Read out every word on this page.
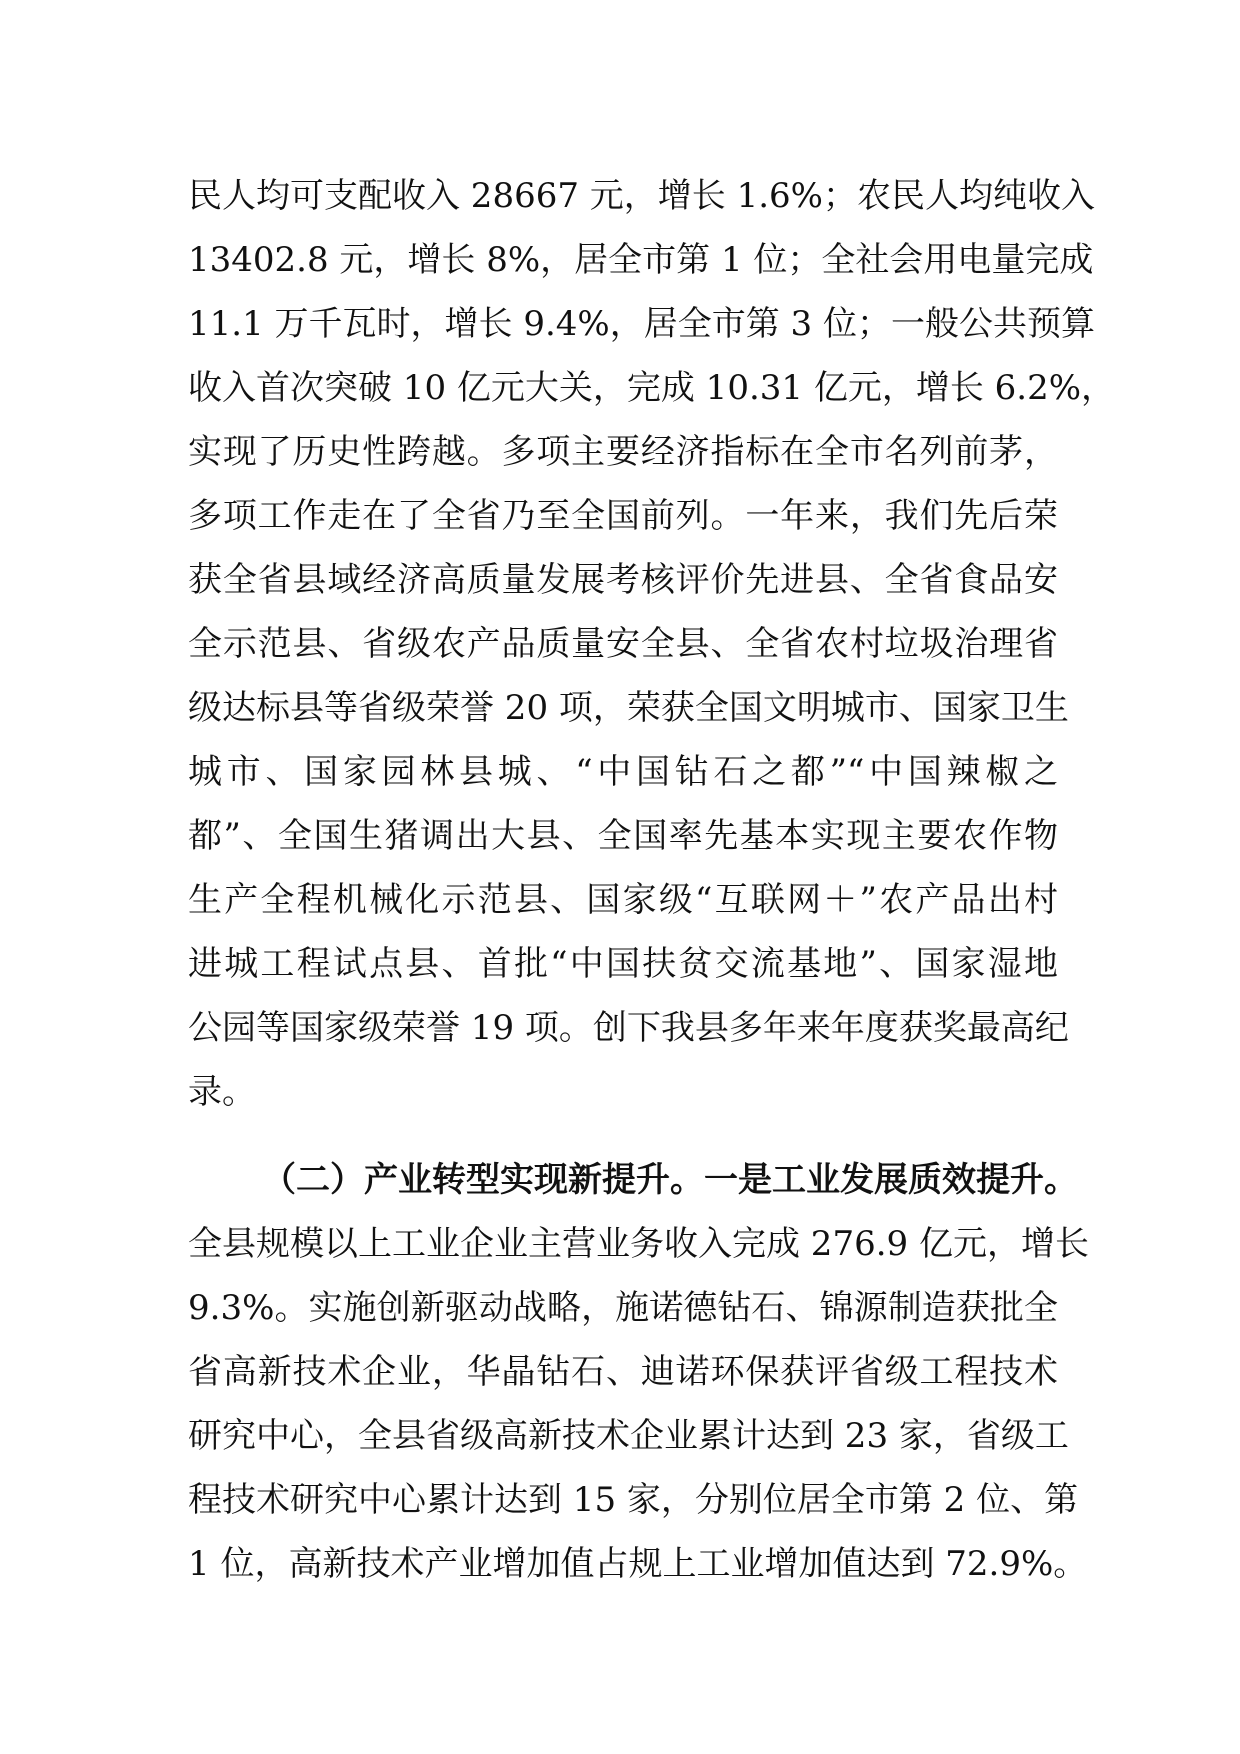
民人均可支配收入 28667 元，增长 1.6%；农民人均纯收入
13402.8 元，增长 8%，居全市第 1 位；全社会用电量完成
11.1 万千瓦时，增长 9.4%，居全市第 3 位；一般公共预算
收入首次突破 10 亿元大关，完成 10.31 亿元，增长 6.2%，
实现了历史性跨越。多项主要经济指标在全市名列前茅，
多项工作走在了全省乃至全国前列。一年来，我们先后荣
获全省县域经济高质量发展考核评价先进县、全省食品安
全示范县、省级农产品质量安全县、全省农村垃圾治理省
级达标县等省级荣誉 20 项，荣获全国文明城市、国家卫生
城市、国家园林县城、“中国钻石之都”“中国辣椒之
都”、全国生猪调出大县、全国率先基本实现主要农作物
生产全程机械化示范县、国家级“互联网＋”农产品出村
进城工程试点县、首批“中国扶贫交流基地”、国家湿地
公园等国家级荣誉 19 项。创下我县多年来年度获奖最高纪
录。
（二）产业转型实现新提升。一是工业发展质效提升。
全县规模以上工业企业主营业务收入完成 276.9 亿元，增长
9.3%。实施创新驱动战略，施诺德钻石、锦源制造获批全
省高新技术企业，华晶钻石、迪诺环保获评省级工程技术
研究中心，全县省级高新技术企业累计达到 23 家，省级工
程技术研究中心累计达到 15 家，分别位居全市第 2 位、第
1 位，高新技术产业增加值占规上工业增加值达到 72.9%。
